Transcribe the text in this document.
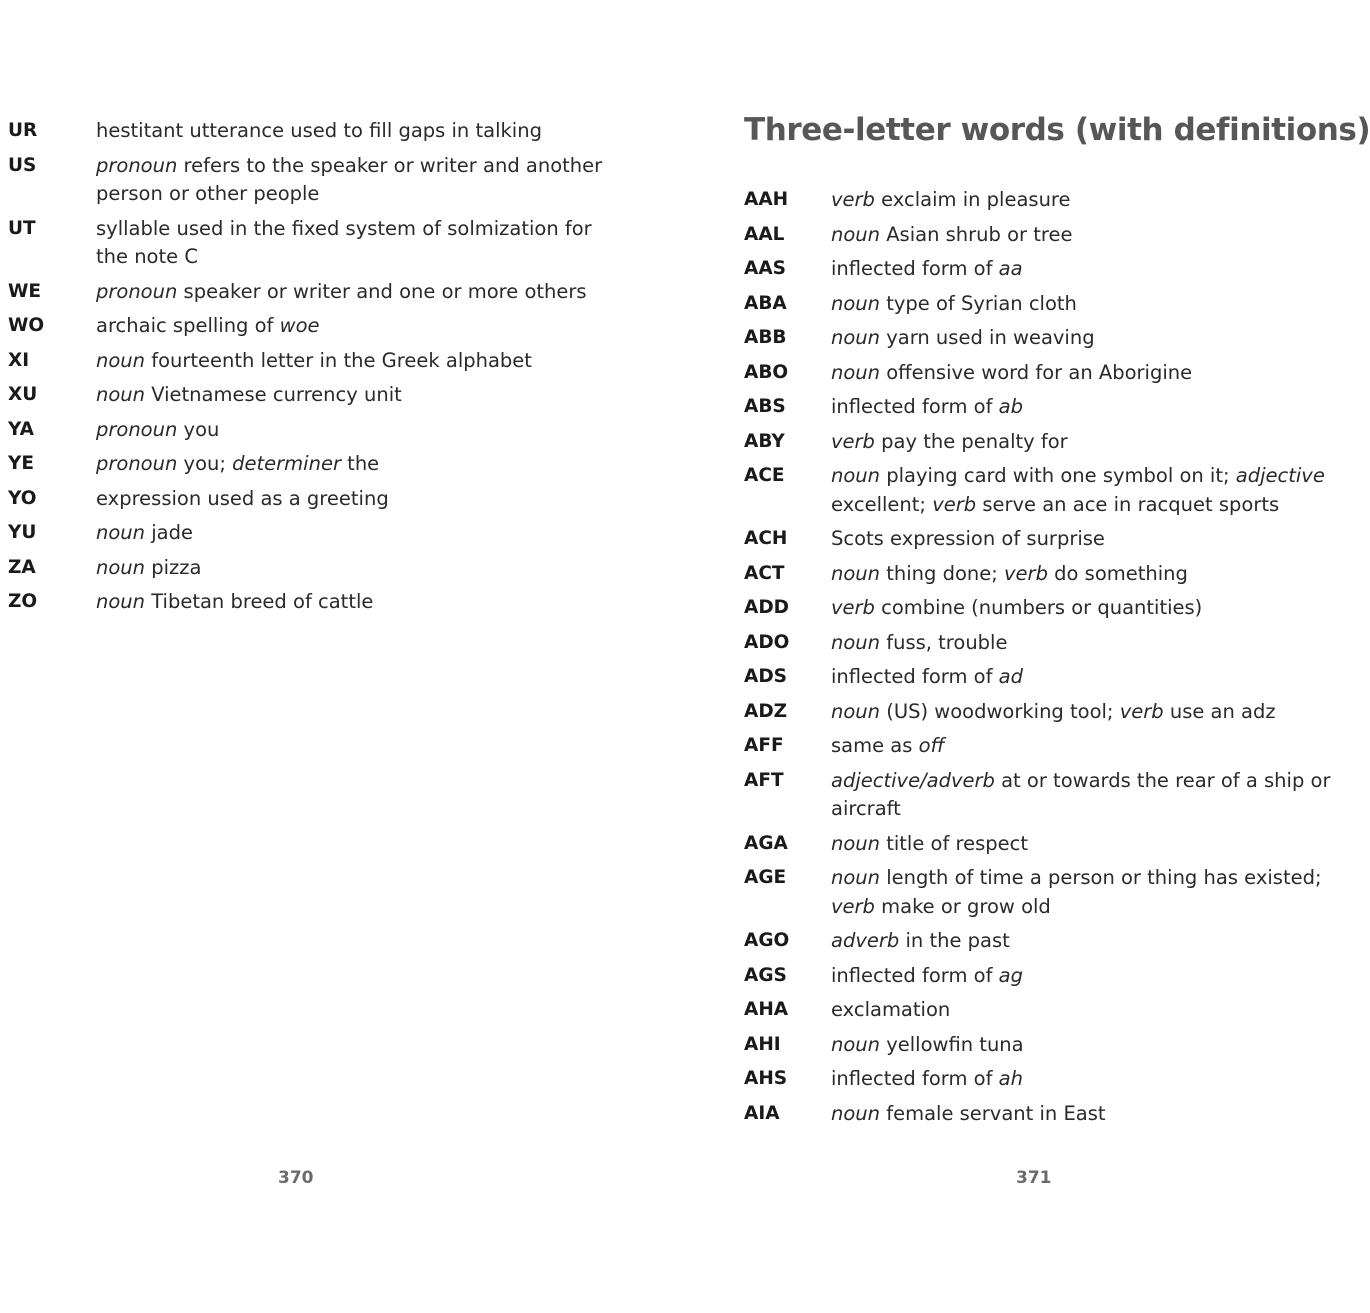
UR	hestitant utterance used to fill gaps in talking
US	pronoun refers to the speaker or writer and another
person or other people
UT	syllable used in the fixed system of solmization for
the note C
WE	pronoun speaker or writer and one or more others
WO	archaic spelling of woe
XI	noun fourteenth letter in the Greek alphabet
XU	noun Vietnamese currency unit
YA	pronoun you
YE	pronoun you; determiner the
YO	expression used as a greeting
YU	noun jade
ZA	noun pizza
ZO	noun Tibetan breed of cattle
370
Three-letter words (with definitions)
AAH	verb exclaim in pleasure
AAL	noun Asian shrub or tree
AAS	inflected form of aa
ABA	noun type of Syrian cloth
ABB	noun yarn used in weaving
ABO	noun offensive word for an Aborigine
ABS	inflected form of ab
ABY	verb pay the penalty for
ACE	noun playing card with one symbol on it; adjective
excellent; verb serve an ace in racquet sports
ACH	Scots expression of surprise
ACT	noun thing done; verb do something
ADD	verb combine (numbers or quantities)
ADO	noun fuss, trouble
ADS	inflected form of ad
ADZ	noun (US) woodworking tool; verb use an adz
AFF	same as off
AFT	adjective/adverb at or towards the rear of a ship or
aircraft
AGA	noun title of respect
AGE	noun length of time a person or thing has existed;
verb make or grow old
AGO	adverb in the past
AGS	inflected form of ag
AHA	exclamation
AHI	noun yellowfin tuna
AHS	inflected form of ah
AIA	noun female servant in East
371
